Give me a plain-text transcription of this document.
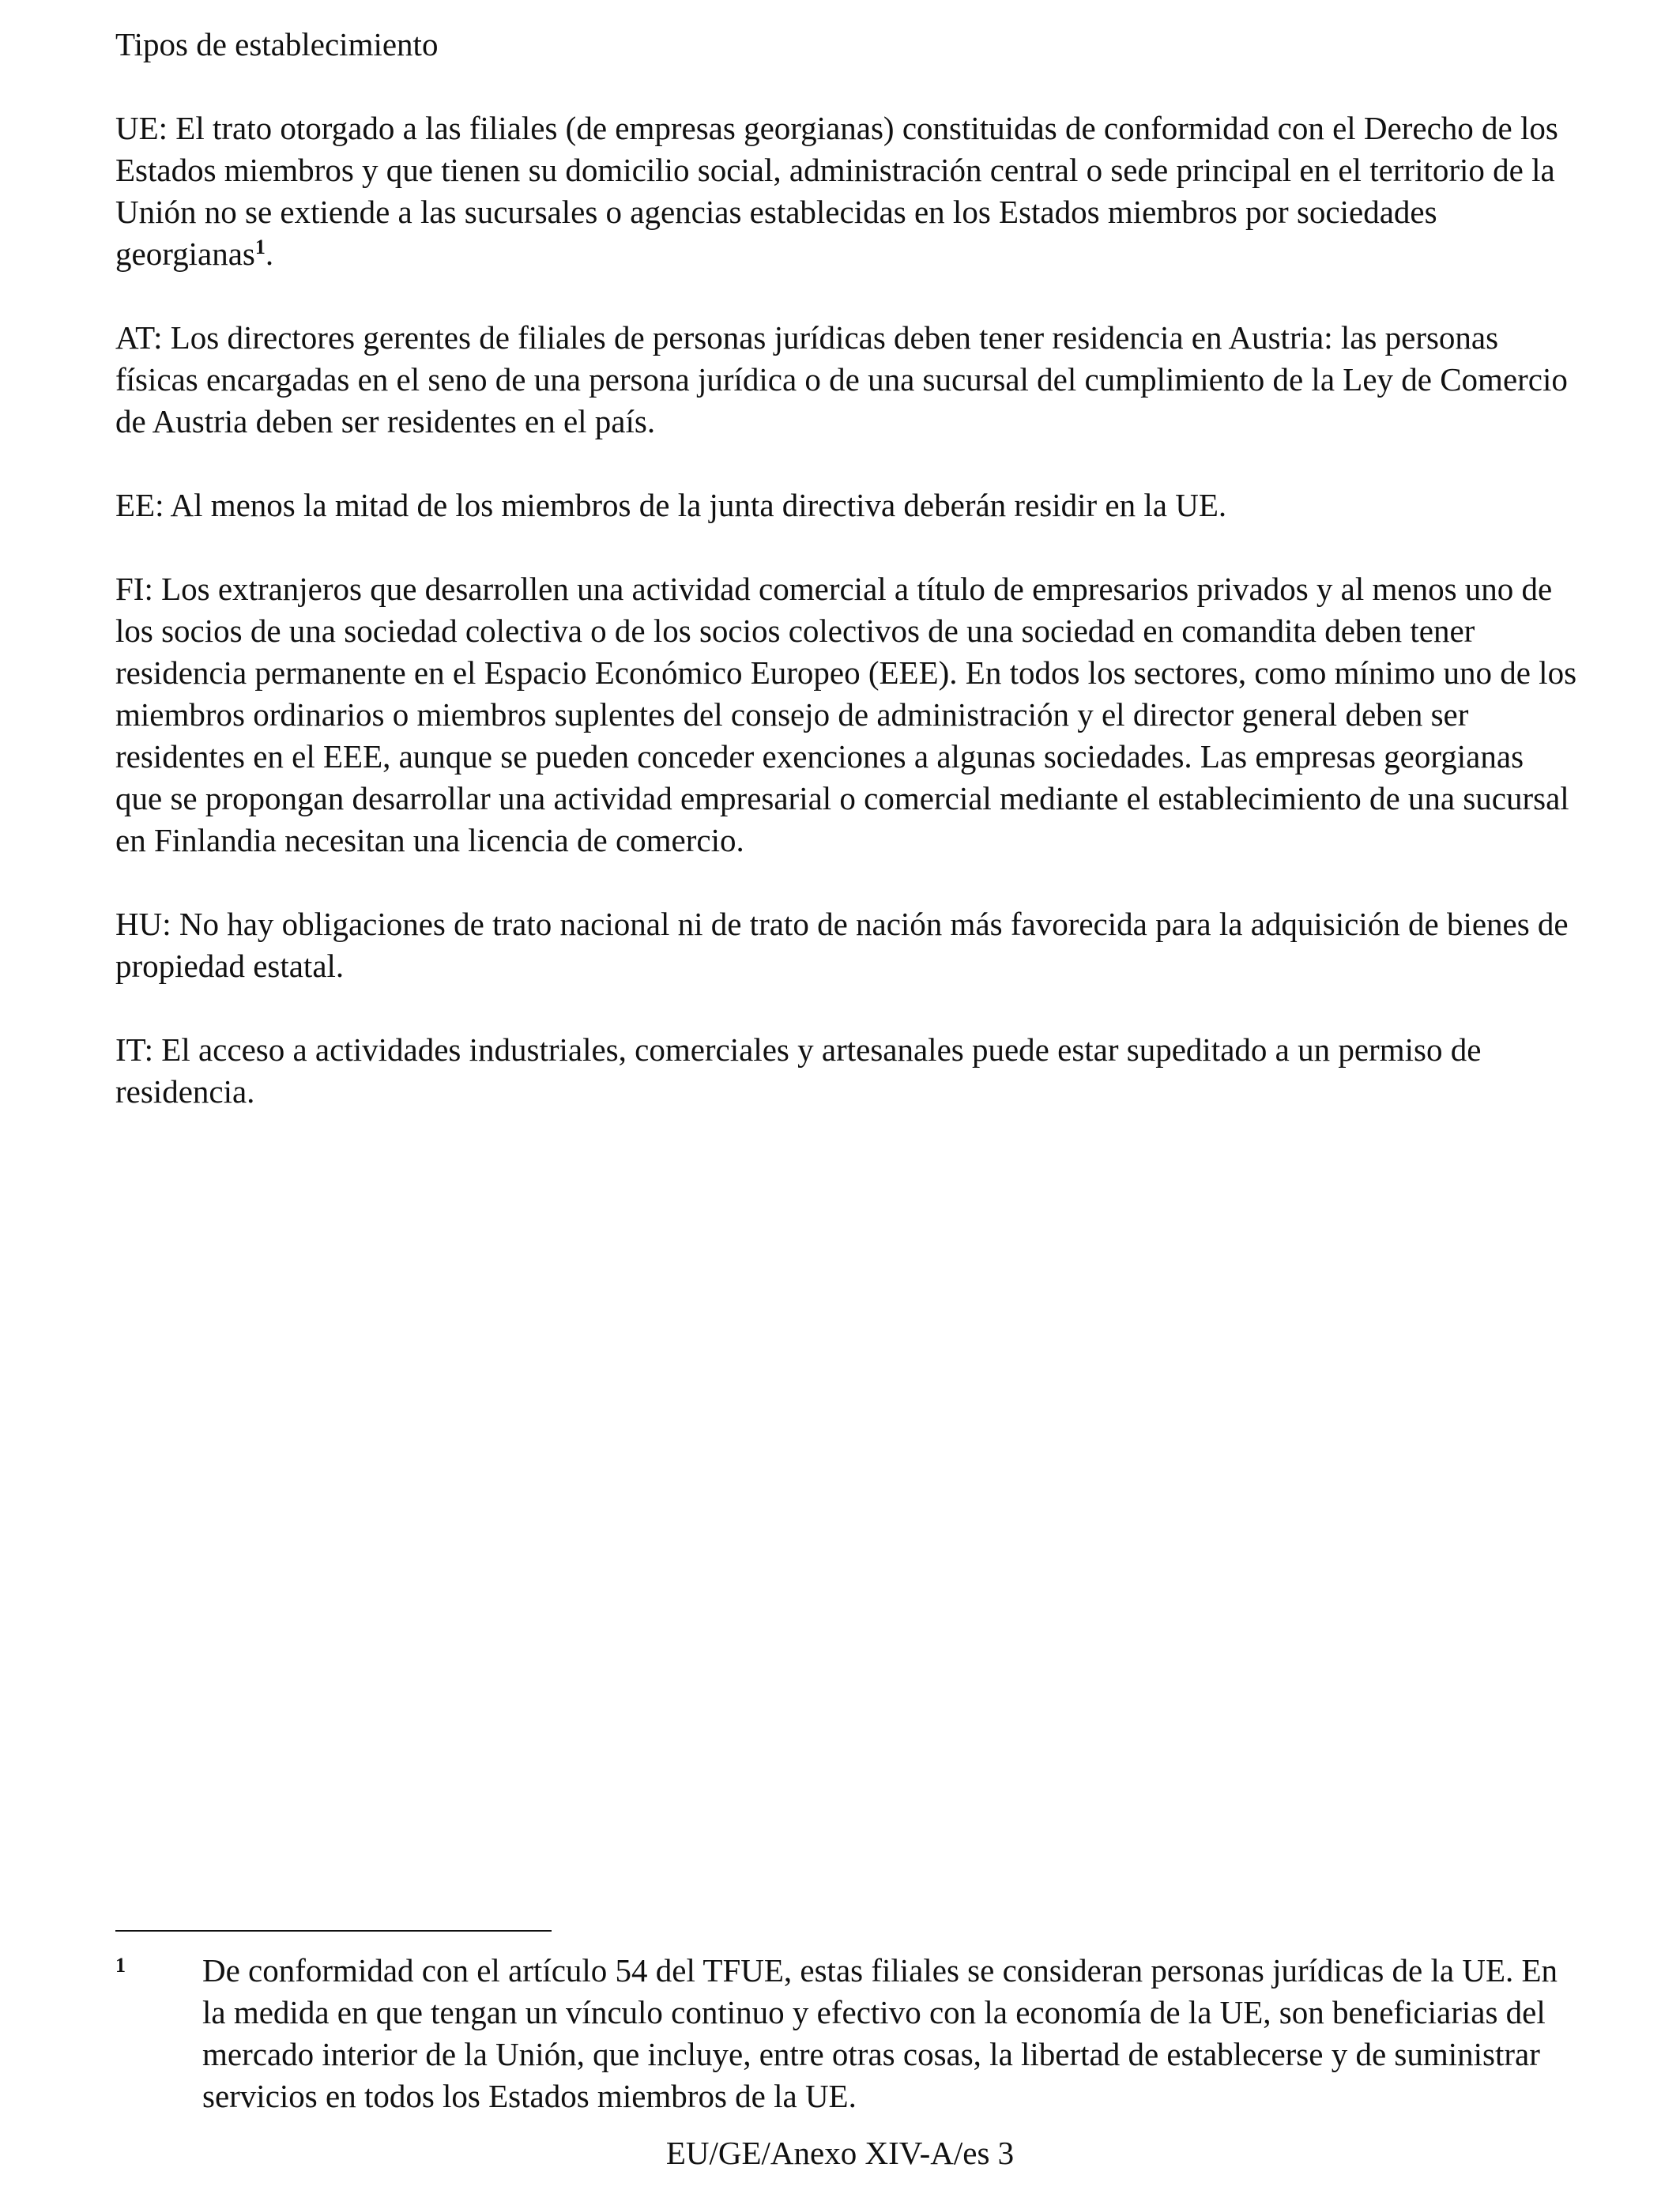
Tipos de establecimiento
UE: El trato otorgado a las filiales (de empresas georgianas) constituidas de conformidad con el Derecho de los Estados miembros y que tienen su domicilio social, administración central o sede principal en el territorio de la Unión no se extiende a las sucursales o agencias establecidas en los Estados miembros por sociedades georgianas$^1$.
AT: Los directores gerentes de filiales de personas jurídicas deben tener residencia en Austria: las personas físicas encargadas en el seno de una persona jurídica o de una sucursal del cumplimiento de la Ley de Comercio de Austria deben ser residentes en el país.
EE: Al menos la mitad de los miembros de la junta directiva deberán residir en la UE.
FI: Los extranjeros que desarrollen una actividad comercial a título de empresarios privados y al menos uno de los socios de una sociedad colectiva o de los socios colectivos de una sociedad en comandita deben tener residencia permanente en el Espacio Económico Europeo (EEE). En todos los sectores, como mínimo uno de los miembros ordinarios o miembros suplentes del consejo de administración y el director general deben ser residentes en el EEE, aunque se pueden conceder exenciones a algunas sociedades. Las empresas georgianas que se propongan desarrollar una actividad empresarial o comercial mediante el establecimiento de una sucursal en Finlandia necesitan una licencia de comercio.
HU: No hay obligaciones de trato nacional ni de trato de nación más favorecida para la adquisición de bienes de propiedad estatal.
IT: El acceso a actividades industriales, comerciales y artesanales puede estar supeditado a un permiso de residencia.
1	De conformidad con el artículo 54 del TFUE, estas filiales se consideran personas jurídicas de la UE. En la medida en que tengan un vínculo continuo y efectivo con la economía de la UE, son beneficiarias del mercado interior de la Unión, que incluye, entre otras cosas, la libertad de establecerse y de suministrar servicios en todos los Estados miembros de la UE.
EU/GE/Anexo XIV-A/es 3
